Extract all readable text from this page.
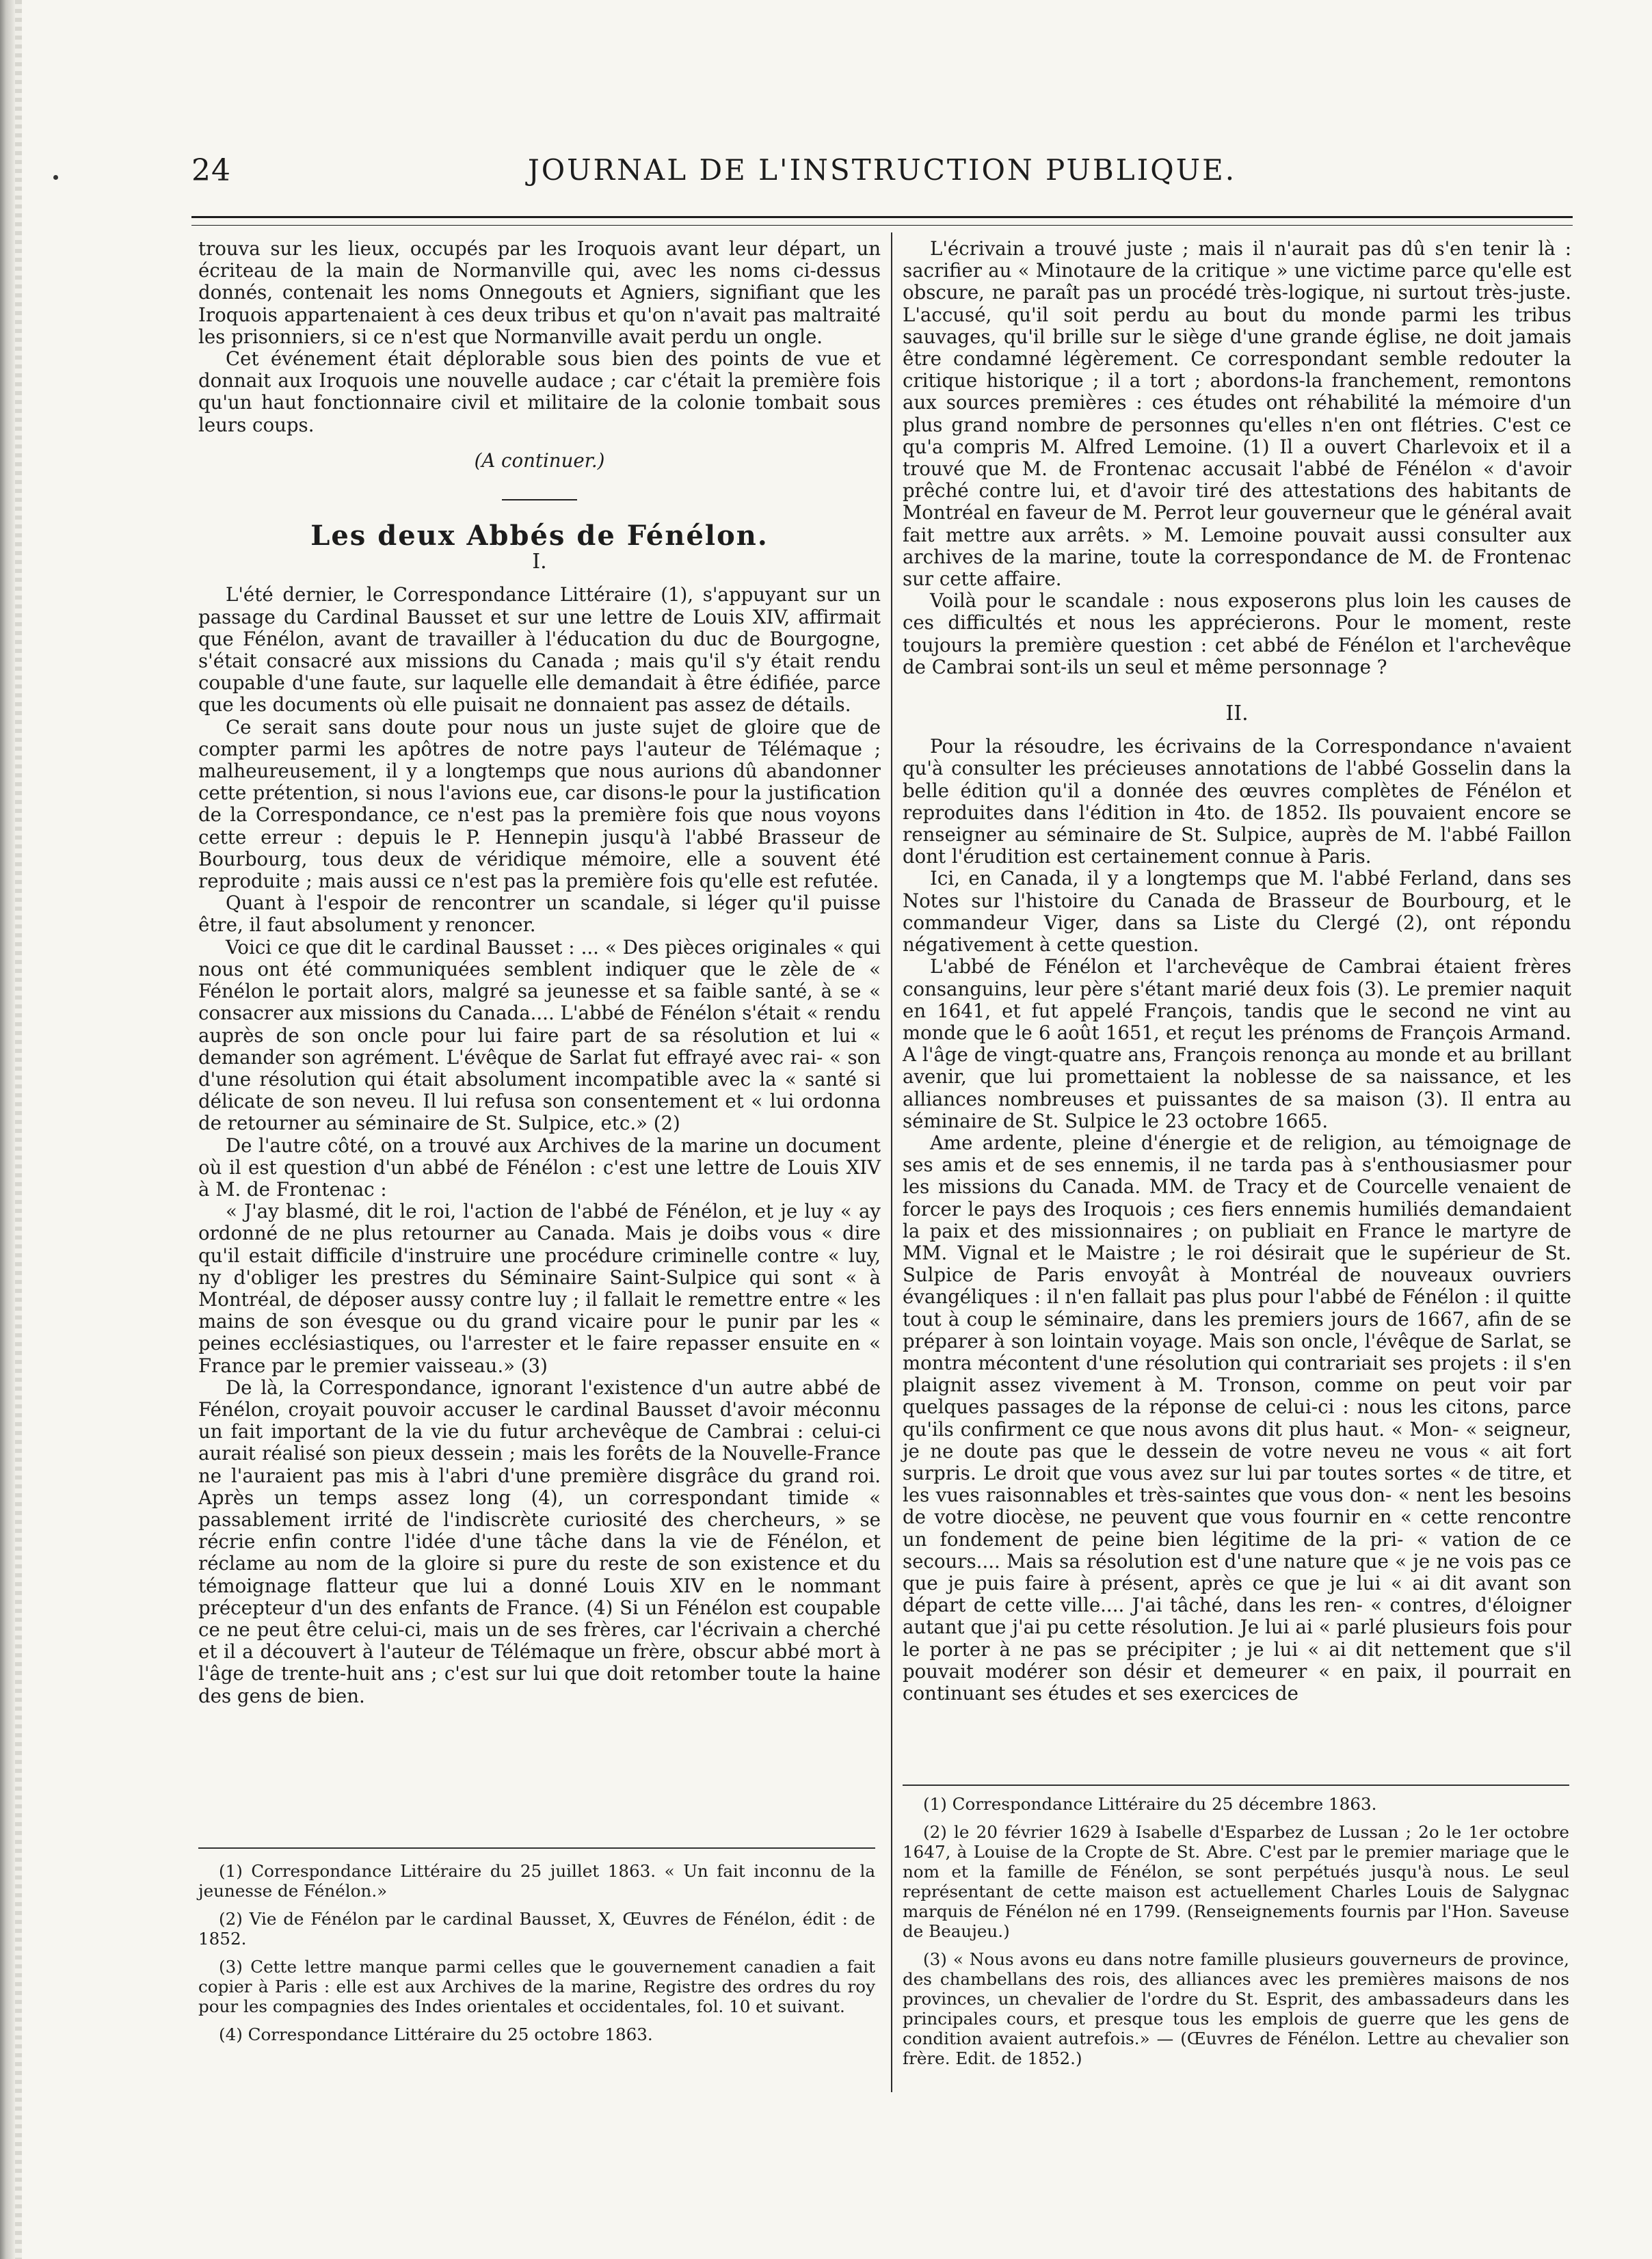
24	JOURNAL DE L'INSTRUCTION PUBLIQUE.

trouva sur les lieux, occupés par les Iroquois avant leur départ, un écriteau de la main de Normanville qui, avec les noms ci-dessus donnés, contenait les noms Onnegouts et Agniers, signifiant que les Iroquois appartenaient à ces deux tribus et qu'on n'avait pas maltraité les prisonniers, si ce n'est que Normanville avait perdu un ongle.

Cet événement était déplorable sous bien des points de vue et donnait aux Iroquois une nouvelle audace ; car c'était la première fois qu'un haut fonctionnaire civil et militaire de la colonie tombait sous leurs coups.

(A continuer.)

Les deux Abbés de Fénélon.
I.

L'été dernier, le Correspondance Littéraire (1), s'appuyant sur un passage du Cardinal Bausset et sur une lettre de Louis XIV, affirmait que Fénélon, avant de travailler à l'éducation du duc de Bourgogne, s'était consacré aux missions du Canada ; mais qu'il s'y était rendu coupable d'une faute, sur laquelle elle demandait à être édifiée, parce que les documents où elle puisait ne donnaient pas assez de détails.

Ce serait sans doute pour nous un juste sujet de gloire que de compter parmi les apôtres de notre pays l'auteur de Télémaque ; malheureusement, il y a longtemps que nous aurions dû abandonner cette prétention, si nous l'avions eue, car disons-le pour la justification de la Correspondance, ce n'est pas la première fois que nous voyons cette erreur : depuis le P. Hennepin jusqu'à l'abbé Brasseur de Bourbourg, tous deux de véridique mémoire, elle a souvent été reproduite ; mais aussi ce n'est pas la première fois qu'elle est refutée.

Quant à l'espoir de rencontrer un scandale, si léger qu'il puisse être, il faut absolument y renoncer.

Voici ce que dit le cardinal Bausset : ... « Des pièces originales « qui nous ont été communiquées semblent indiquer que le zèle de « Fénélon le portait alors, malgré sa jeunesse et sa faible santé, à se « consacrer aux missions du Canada.... L'abbé de Fénélon s'était « rendu auprès de son oncle pour lui faire part de sa résolution et lui « demander son agrément. L'évêque de Sarlat fut effrayé avec rai- « son d'une résolution qui était absolument incompatible avec la « santé si délicate de son neveu. Il lui refusa son consentement et « lui ordonna de retourner au séminaire de St. Sulpice, etc.» (2)

De l'autre côté, on a trouvé aux Archives de la marine un document où il est question d'un abbé de Fénélon : c'est une lettre de Louis XIV à M. de Frontenac :

« J'ay blasmé, dit le roi, l'action de l'abbé de Fénélon, et je luy « ay ordonné de ne plus retourner au Canada. Mais je doibs vous « dire qu'il estait difficile d'instruire une procédure criminelle contre « luy, ny d'obliger les prestres du Séminaire Saint-Sulpice qui sont « à Montréal, de déposer aussy contre luy ; il fallait le remettre entre « les mains de son évesque ou du grand vicaire pour le punir par les « peines ecclésiastiques, ou l'arrester et le faire repasser ensuite en « France par le premier vaisseau.» (3)

De là, la Correspondance, ignorant l'existence d'un autre abbé de Fénélon, croyait pouvoir accuser le cardinal Bausset d'avoir méconnu un fait important de la vie du futur archevêque de Cambrai : celui-ci aurait réalisé son pieux dessein ; mais les forêts de la Nouvelle-France ne l'auraient pas mis à l'abri d'une première disgrâce du grand roi. Après un temps assez long (4), un correspondant timide « passablement irrité de l'indiscrète curiosité des chercheurs, » se récrie enfin contre l'idée d'une tâche dans la vie de Fénélon, et réclame au nom de la gloire si pure du reste de son existence et du témoignage flatteur que lui a donné Louis XIV en le nommant précepteur d'un des enfants de France. (4) Si un Fénélon est coupable ce ne peut être celui-ci, mais un de ses frères, car l'écrivain a cherché et il a découvert à l'auteur de Télémaque un frère, obscur abbé mort à l'âge de trente-huit ans ; c'est sur lui que doit retomber toute la haine des gens de bien.

L'écrivain a trouvé juste ; mais il n'aurait pas dû s'en tenir là : sacrifier au « Minotaure de la critique » une victime parce qu'elle est obscure, ne paraît pas un procédé très-logique, ni surtout très-juste. L'accusé, qu'il soit perdu au bout du monde parmi les tribus sauvages, qu'il brille sur le siège d'une grande église, ne doit jamais être condamné légèrement. Ce correspondant semble redouter la critique historique ; il a tort ; abordons-la franchement, remontons aux sources premières : ces études ont réhabilité la mémoire d'un plus grand nombre de personnes qu'elles n'en ont flétries. C'est ce qu'a compris M. Alfred Lemoine. (1) Il a ouvert Charlevoix et il a trouvé que M. de Frontenac accusait l'abbé de Fénélon « d'avoir prêché contre lui, et d'avoir tiré des attestations des habitants de Montréal en faveur de M. Perrot leur gouverneur que le général avait fait mettre aux arrêts. » M. Lemoine pouvait aussi consulter aux archives de la marine, toute la correspondance de M. de Frontenac sur cette affaire.

Voilà pour le scandale : nous exposerons plus loin les causes de ces difficultés et nous les apprécierons. Pour le moment, reste toujours la première question : cet abbé de Fénélon et l'archevêque de Cambrai sont-ils un seul et même personnage ?

II.

Pour la résoudre, les écrivains de la Correspondance n'avaient qu'à consulter les précieuses annotations de l'abbé Gosselin dans la belle édition qu'il a donnée des œuvres complètes de Fénélon et reproduites dans l'édition in 4to. de 1852. Ils pouvaient encore se renseigner au séminaire de St. Sulpice, auprès de M. l'abbé Faillon dont l'érudition est certainement connue à Paris.

Ici, en Canada, il y a longtemps que M. l'abbé Ferland, dans ses Notes sur l'histoire du Canada de Brasseur de Bourbourg, et le commandeur Viger, dans sa Liste du Clergé (2), ont répondu négativement à cette question.

L'abbé de Fénélon et l'archevêque de Cambrai étaient frères consanguins, leur père s'étant marié deux fois (3). Le premier naquit en 1641, et fut appelé François, tandis que le second ne vint au monde que le 6 août 1651, et reçut les prénoms de François Armand. A l'âge de vingt-quatre ans, François renonça au monde et au brillant avenir, que lui promettaient la noblesse de sa naissance, et les alliances nombreuses et puissantes de sa maison (3). Il entra au séminaire de St. Sulpice le 23 octobre 1665.

Ame ardente, pleine d'énergie et de religion, au témoignage de ses amis et de ses ennemis, il ne tarda pas à s'enthousiasmer pour les missions du Canada. MM. de Tracy et de Courcelle venaient de forcer le pays des Iroquois ; ces fiers ennemis humiliés demandaient la paix et des missionnaires ; on publiait en France le martyre de MM. Vignal et le Maistre ; le roi désirait que le supérieur de St. Sulpice de Paris envoyât à Montréal de nouveaux ouvriers évangéliques : il n'en fallait pas plus pour l'abbé de Fénélon : il quitte tout à coup le séminaire, dans les premiers jours de 1667, afin de se préparer à son lointain voyage. Mais son oncle, l'évêque de Sarlat, se montra mécontent d'une résolution qui contrariait ses projets : il s'en plaignit assez vivement à M. Tronson, comme on peut voir par quelques passages de la réponse de celui-ci : nous les citons, parce qu'ils confirment ce que nous avons dit plus haut. « Mon- « seigneur, je ne doute pas que le dessein de votre neveu ne vous « ait fort surpris. Le droit que vous avez sur lui par toutes sortes « de titre, et les vues raisonnables et très-saintes que vous don- « nent les besoins de votre diocèse, ne peuvent que vous fournir en « cette rencontre un fondement de peine bien légitime de la pri- « vation de ce secours.... Mais sa résolution est d'une nature que « je ne vois pas ce que je puis faire à présent, après ce que je lui « ai dit avant son départ de cette ville.... J'ai tâché, dans les ren- « contres, d'éloigner autant que j'ai pu cette résolution. Je lui ai « parlé plusieurs fois pour le porter à ne pas se précipiter ; je lui « ai dit nettement que s'il pouvait modérer son désir et demeurer « en paix, il pourrait en continuant ses études et ses exercices de

(1) Correspondance Littéraire du 25 juillet 1863. « Un fait inconnu de la jeunesse de Fénélon.»

(2) Vie de Fénélon par le cardinal Bausset, X, Œuvres de Fénélon, édit : de 1852.

(3) Cette lettre manque parmi celles que le gouvernement canadien a fait copier à Paris : elle est aux Archives de la marine, Registre des ordres du roy pour les compagnies des Indes orientales et occidentales, fol. 10 et suivant.

(4) Correspondance Littéraire du 25 octobre 1863.

(1) Correspondance Littéraire du 25 décembre 1863.

(2) le 20 février 1629 à Isabelle d'Esparbez de Lussan ; 2o le 1er octobre 1647, à Louise de la Cropte de St. Abre. C'est par le premier mariage que le nom et la famille de Fénélon, se sont perpétués jusqu'à nous. Le seul représentant de cette maison est actuellement Charles Louis de Salygnac marquis de Fénélon né en 1799. (Renseignements fournis par l'Hon. Saveuse de Beaujeu.)

(3) « Nous avons eu dans notre famille plusieurs gouverneurs de province, des chambellans des rois, des alliances avec les premières maisons de nos provinces, un chevalier de l'ordre du St. Esprit, des ambassadeurs dans les principales cours, et presque tous les emplois de guerre que les gens de condition avaient autrefois.» — (Œuvres de Fénélon. Lettre au chevalier son frère. Edit. de 1852.)
